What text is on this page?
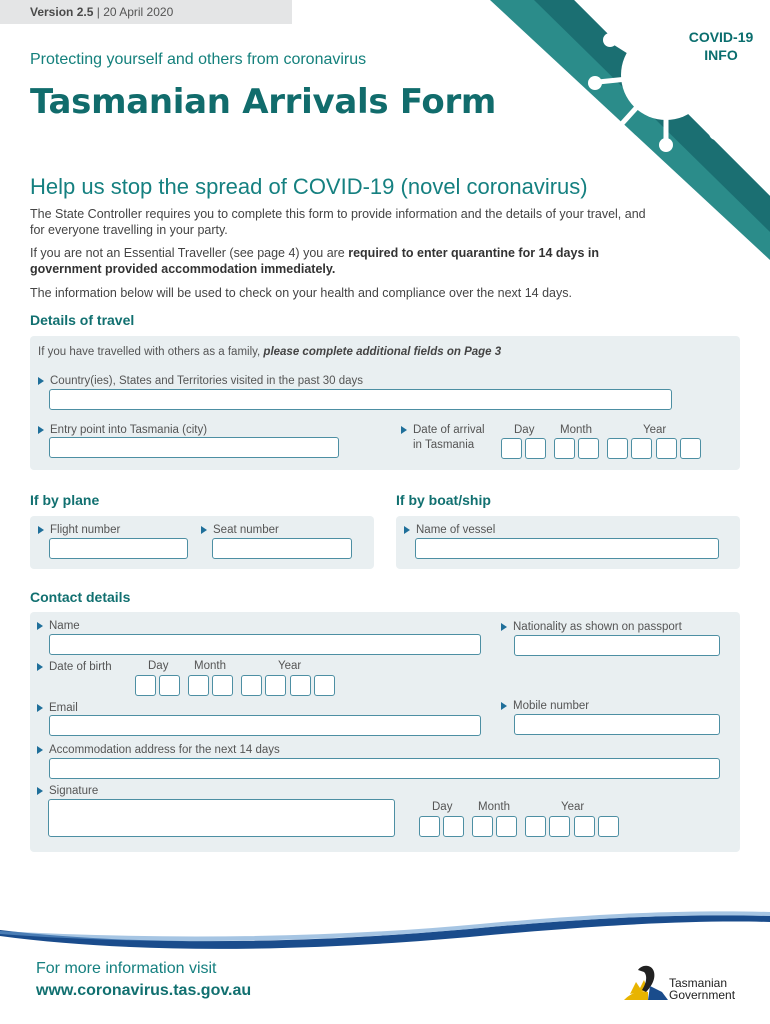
Version 2.5 | 20 April 2020
COVID-19
INFO
Protecting yourself and others from coronavirus
Tasmanian Arrivals Form
Help us stop the spread of COVID-19 (novel coronavirus)
The State Controller requires you to complete this form to provide information and the details of your travel, and for everyone travelling in your party.
If you are not an Essential Traveller (see page 4) you are required to enter quarantine for 14 days in government provided accommodation immediately.
The information below will be used to check on your health and compliance over the next 14 days.
Details of travel
If you have travelled with others as a family, please complete additional fields on Page 3
Country(ies), States and Territories visited in the past 30 days
Entry point into Tasmania (city)	Date of arrival
in Tasmania
Day Month	Year
If by plane
Flight number	Seat number
If by boat/ship
Name of vessel
Contact details
Name	Nationality as shown on passport
Date of birth	Day Month	Year
Email	Mobile number
Accommodation address for the next 14 days
Signature
Day Month	Year
For more information visit
www.coronavirus.tas.gov.au	Tasmanian
Government
